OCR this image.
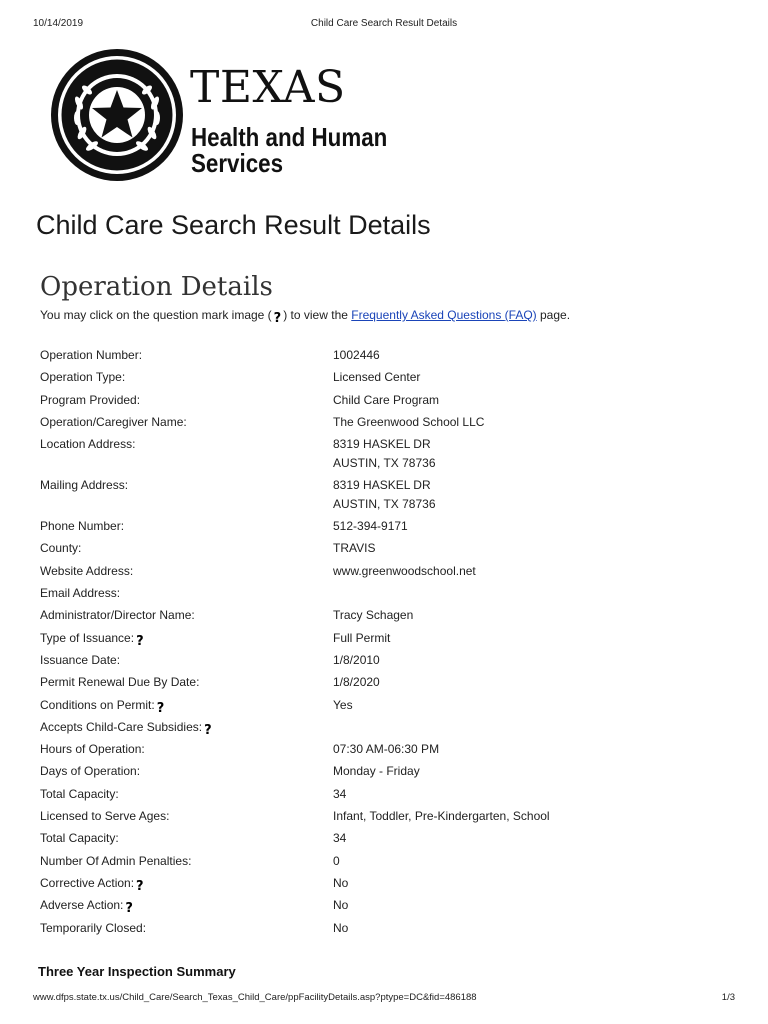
10/14/2019	Child Care Search Result Details
TEXAS
Health and Human Services
Child Care Search Result Details
Operation Details
You may click on the question mark image ( ? ) to view the Frequently Asked Questions (FAQ) page.
Operation Number:	1002446
Operation Type:	Licensed Center
Program Provided:	Child Care Program
Operation/Caregiver Name:	The Greenwood School LLC
Location Address:	8319 HASKEL DR
AUSTIN, TX 78736
Mailing Address:	8319 HASKEL DR
AUSTIN, TX 78736
Phone Number:	512-394-9171
County:	TRAVIS
Website Address:	www.greenwoodschool.net
Email Address:
Administrator/Director Name:	Tracy Schagen
Type of Issuance: ?	Full Permit
Issuance Date:	1/8/2010
Permit Renewal Due By Date:	1/8/2020
Conditions on Permit: ?	Yes
Accepts Child-Care Subsidies: ?
Hours of Operation:	07:30 AM-06:30 PM
Days of Operation:	Monday - Friday
Total Capacity:	34
Licensed to Serve Ages:	Infant, Toddler, Pre-Kindergarten, School
Total Capacity:	34
Number Of Admin Penalties:	0
Corrective Action: ?	No
Adverse Action: ?	No
Temporarily Closed:	No
Three Year Inspection Summary
www.dfps.state.tx.us/Child_Care/Search_Texas_Child_Care/ppFacilityDetails.asp?ptype=DC&fid=486188	1/3
